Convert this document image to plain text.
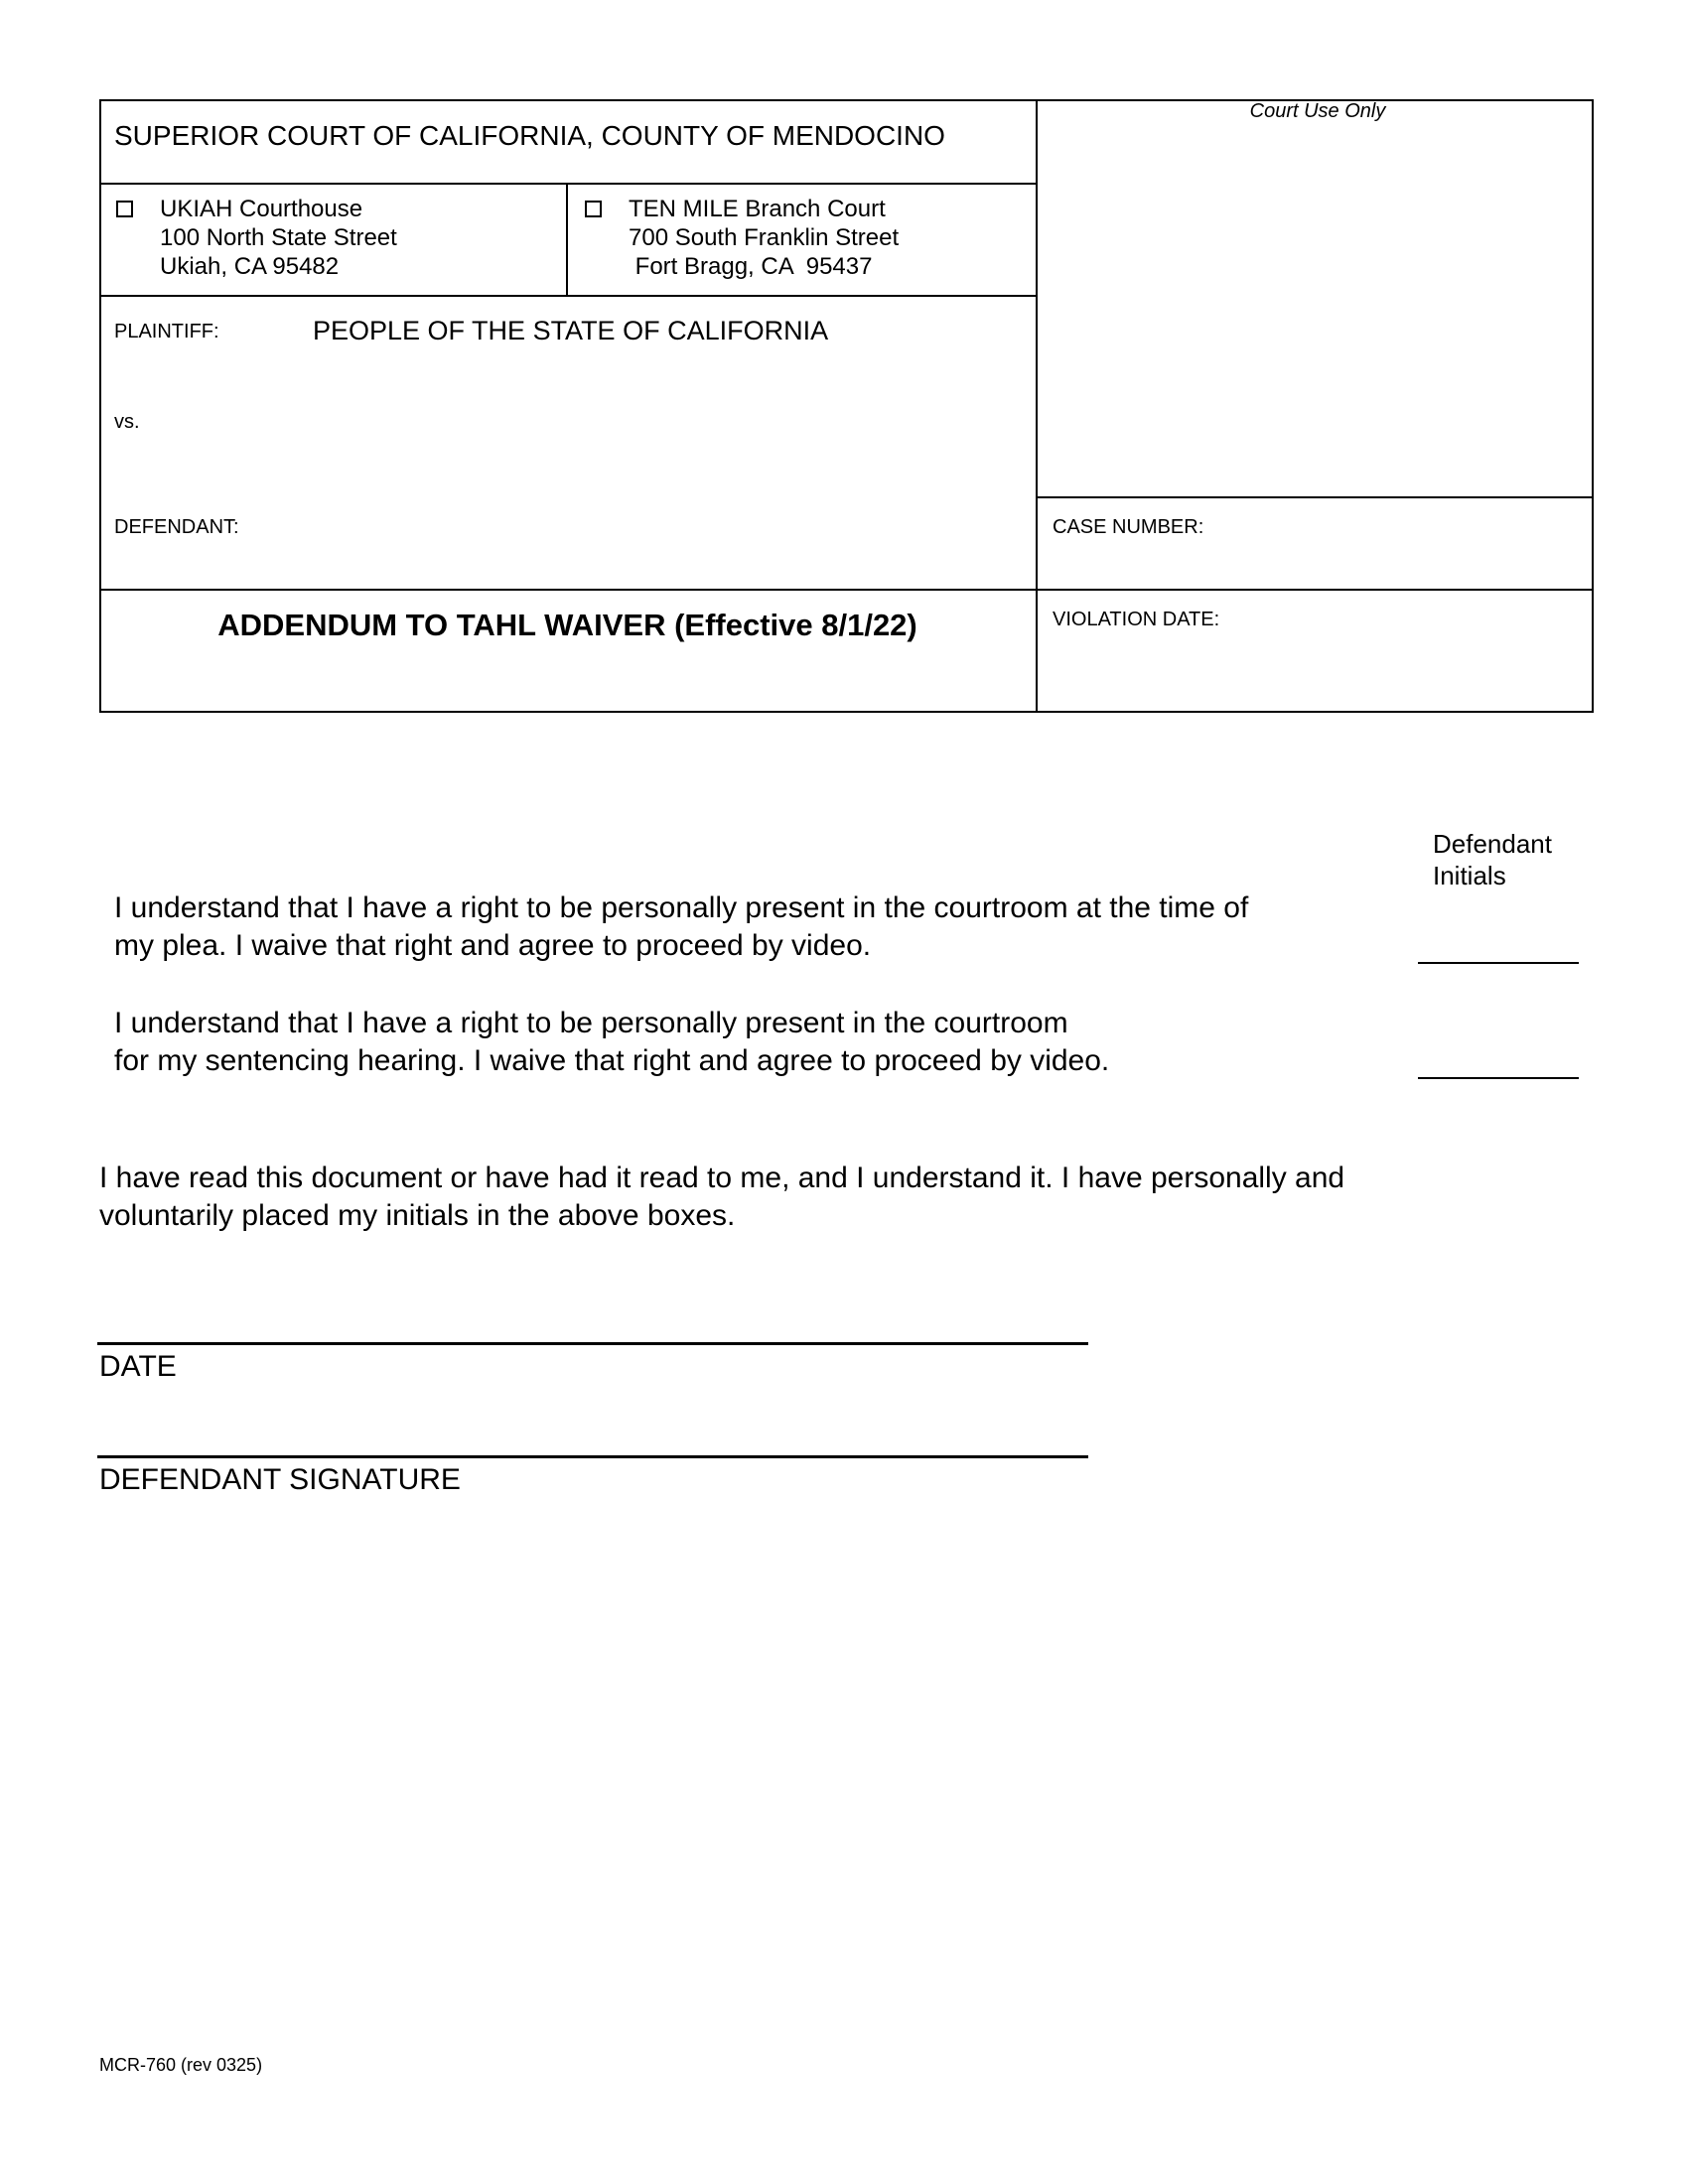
SUPERIOR COURT OF CALIFORNIA, COUNTY OF MENDOCINO
Court Use Only
UKIAH Courthouse
100 North State Street
Ukiah, CA 95482
TEN MILE Branch Court
700 South Franklin Street
Fort Bragg, CA  95437
PLAINTIFF:	PEOPLE OF THE STATE OF CALIFORNIA
vs.
DEFENDANT:	CASE NUMBER:
VIOLATION DATE:
ADDENDUM TO TAHL WAIVER (Effective 8/1/22)
Defendant
Initials
I understand that I have a right to be personally present in the courtroom at the time of
my plea. I waive that right and agree to proceed by video.
I understand that I have a right to be personally present in the courtroom
for my sentencing hearing. I waive that right and agree to proceed by video.
I have read this document or have had it read to me, and I understand it. I have personally and
voluntarily placed my initials in the above boxes.
DATE
DEFENDANT SIGNATURE
MCR-760 (rev 0325)
